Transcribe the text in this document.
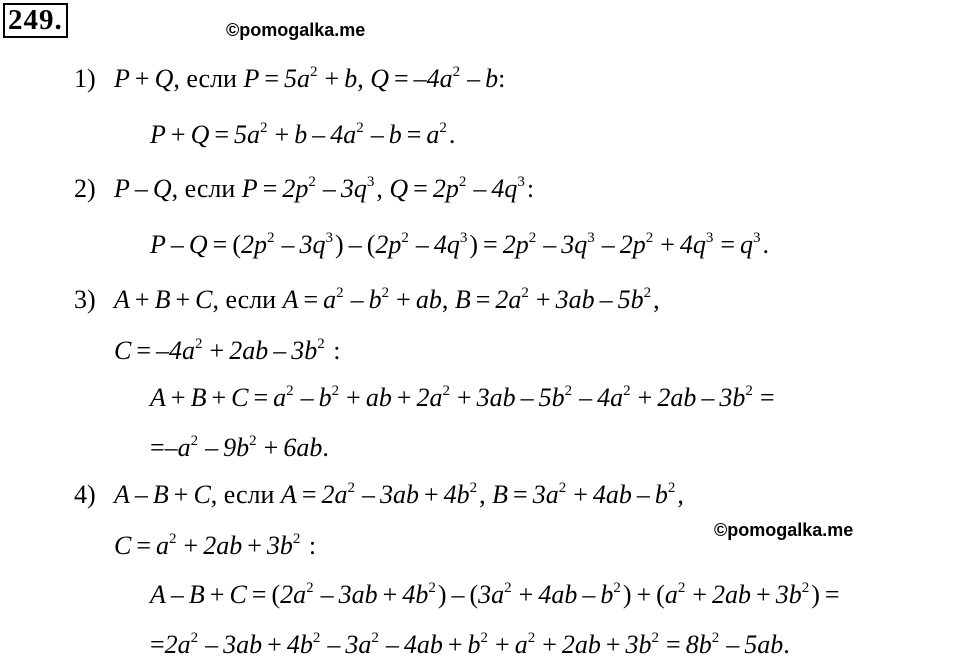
249.	©pomogalka.me
©pomogalka.me
1) P + Q, если $P = 5a^2 + b$, $Q = -4a^2 - b$:
$P + Q = 5a^2 + b - 4a^2 - b = a^2$.
2) P – Q, если $P = 2p^2 - 3q^3$, $Q = 2p^2 - 4q^3$:
$P - Q = (2p^2 - 3q^3) - (2p^2 - 4q^3) = 2p^2 - 3q^3 - 2p^2 + 4q^3 = q^3$.
3) A + B + C, если $A = a^2 - b^2$ + ab, $B = 2a^2 + 3ab - 5b^2$,
$C = -4a^2 + 2ab - 3b^2$ :
$A + B + C = a^2 - b^2$ + ab + $2a^2 + 3ab - 5b^2 - 4a^2 + 2ab - 3b^2$ =
$=-a^2 - 9b^2 + 6ab$.
4) A – B + C, если $A = 2a^2 - 3ab + 4b^2$, $B = 3a^2 + 4ab - b^2$,
$C = a^2 + 2ab + 3b^2$ :
$A - B + C = (2a^2 - 3ab + 4b^2) - (3a^2 + 4ab - b^2) + (a^2 + 2ab + 3b^2)$ =
$=2a^2 - 3ab + 4b^2 - 3a^2 - 4ab + b^2 + a^2 + 2ab + 3b^2 = 8b^2 - 5ab$.
